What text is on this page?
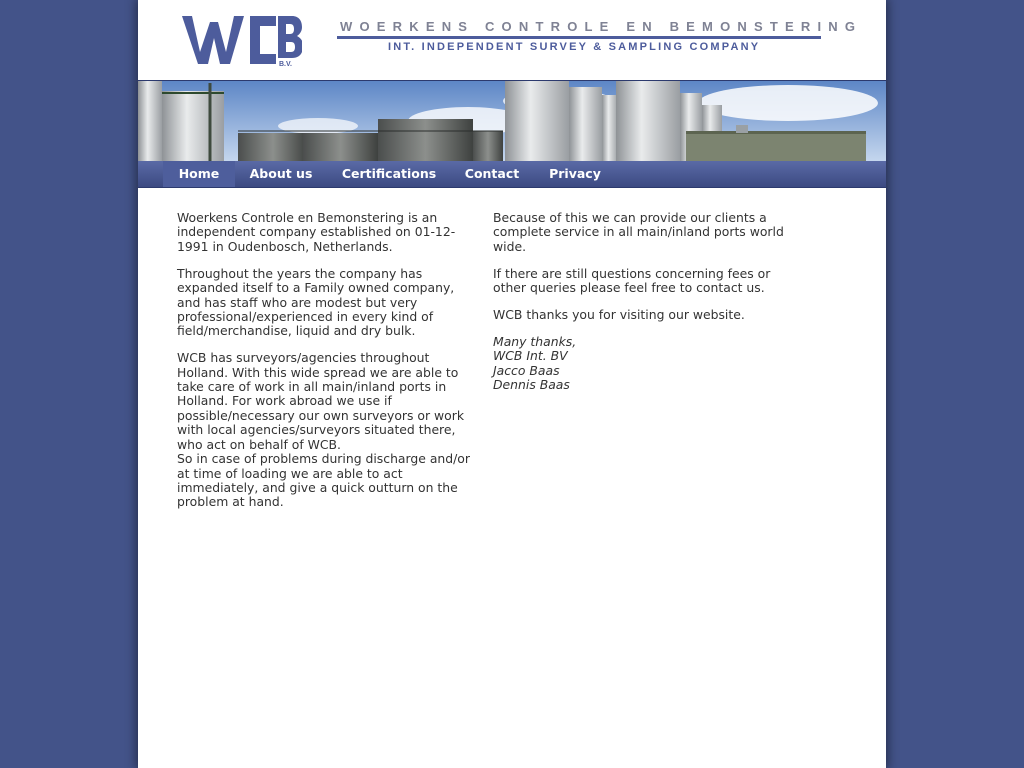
B.V.
WOERKENS CONTROLE EN BEMONSTERING
INT. INDEPENDENT SURVEY & SAMPLING COMPANY
Home	About us	Certifications	Contact	Privacy

Woerkens Controle en Bemonstering is an independent company established on 01-12-1991 in Oudenbosch, Netherlands.

Throughout the years the company has expanded itself to a Family owned company, and has staff who are modest but very professional/experienced in every kind of field/merchandise, liquid and dry bulk.

WCB has surveyors/agencies throughout Holland. With this wide spread we are able to take care of work in all main/inland ports in Holland. For work abroad we use if possible/necessary our own surveyors or work with local agencies/surveyors situated there, who act on behalf of WCB.
So in case of problems during discharge and/or at time of loading we are able to act immediately, and give a quick outturn on the problem at hand.

Because of this we can provide our clients a complete service in all main/inland ports world wide.

If there are still questions concerning fees or other queries please feel free to contact us.

WCB thanks you for visiting our website.

Many thanks,
WCB Int. BV
Jacco Baas
Dennis Baas
